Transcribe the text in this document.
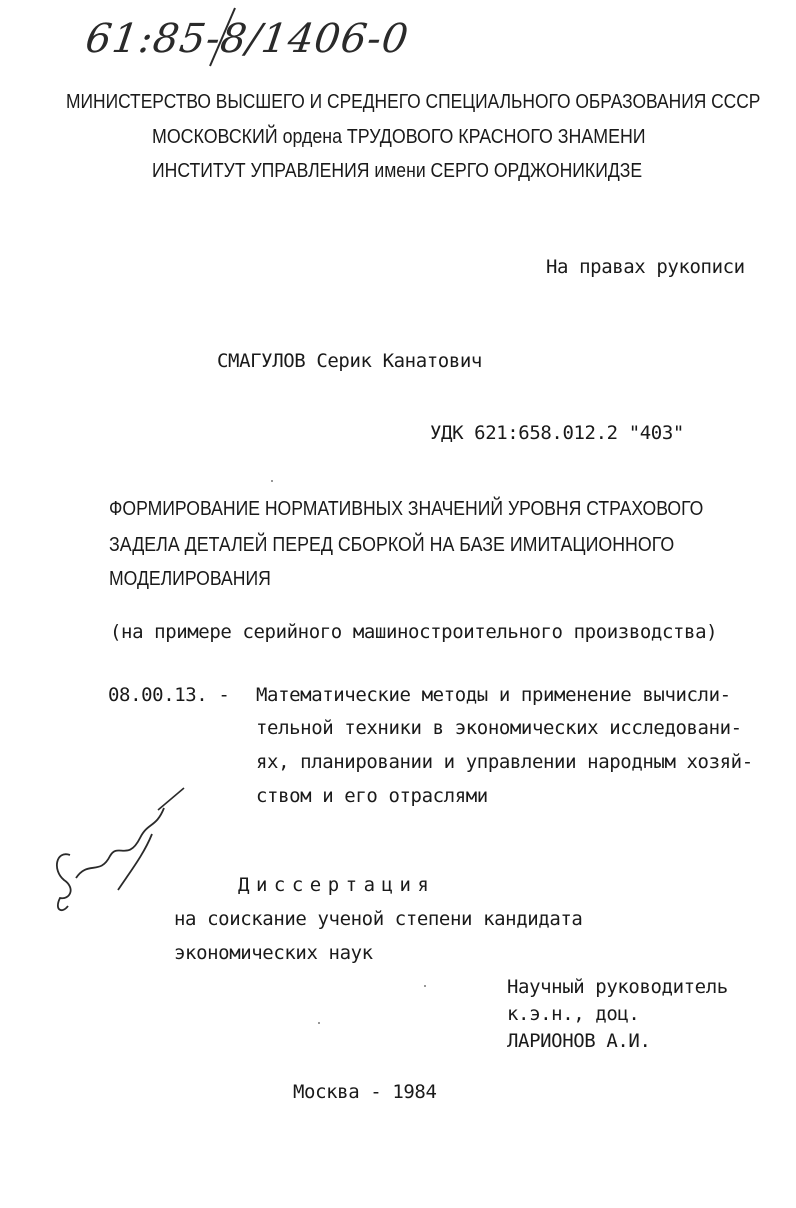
61:85-8/1406-0
МИНИСТЕРСТВО ВЫСШЕГО И СРЕДНЕГО СПЕЦИАЛЬНОГО ОБРАЗОВАНИЯ СССР
МОСКОВСКИЙ ордена ТРУДОВОГО КРАСНОГО ЗНАМЕНИ
ИНСТИТУТ УПРАВЛЕНИЯ имени СЕРГО ОРДЖОНИКИДЗЕ
На правах рукописи
СМАГУЛОВ Серик Канатович
УДК 621:658.012.2 "403"
ФОРМИРОВАНИЕ НОРМАТИВНЫХ ЗНАЧЕНИЙ УРОВНЯ СТРАХОВОГО
ЗАДЕЛА ДЕТАЛЕЙ ПЕРЕД СБОРКОЙ НА БАЗЕ ИМИТАЦИОННОГО
МОДЕЛИРОВАНИЯ
(на примере серийного машиностроительного производства)
08.00.13. - Математические методы и применение вычисли-
тельной техники в экономических исследовани-
ях, планировании и управлении народным хозяй-
ством и его отраслями
Диссертация
на соискание ученой степени кандидата
экономических наук
Научный руководитель
к.э.н., доц.
ЛАРИОНОВ А.И.
Москва - 1984
